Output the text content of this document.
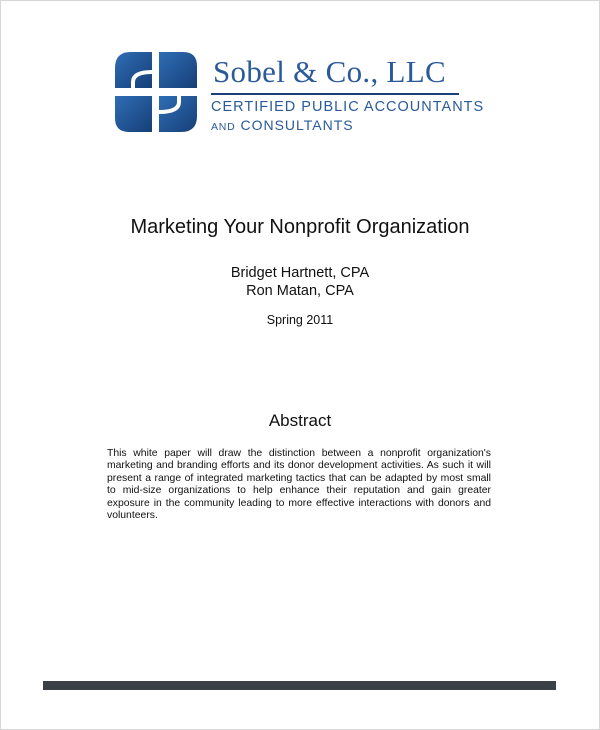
Sobel & Co., LLC
CERTIFIED PUBLIC ACCOUNTANTS
AND CONSULTANTS
Marketing Your Nonprofit Organization
Bridget Hartnett, CPA
Ron Matan, CPA
Spring 2011
Abstract
This white paper will draw the distinction between a nonprofit organization's marketing and branding efforts and its donor development activities. As such it will present a range of integrated marketing tactics that can be adapted by most small to mid-size organizations to help enhance their reputation and gain greater exposure in the community leading to more effective interactions with donors and volunteers.
